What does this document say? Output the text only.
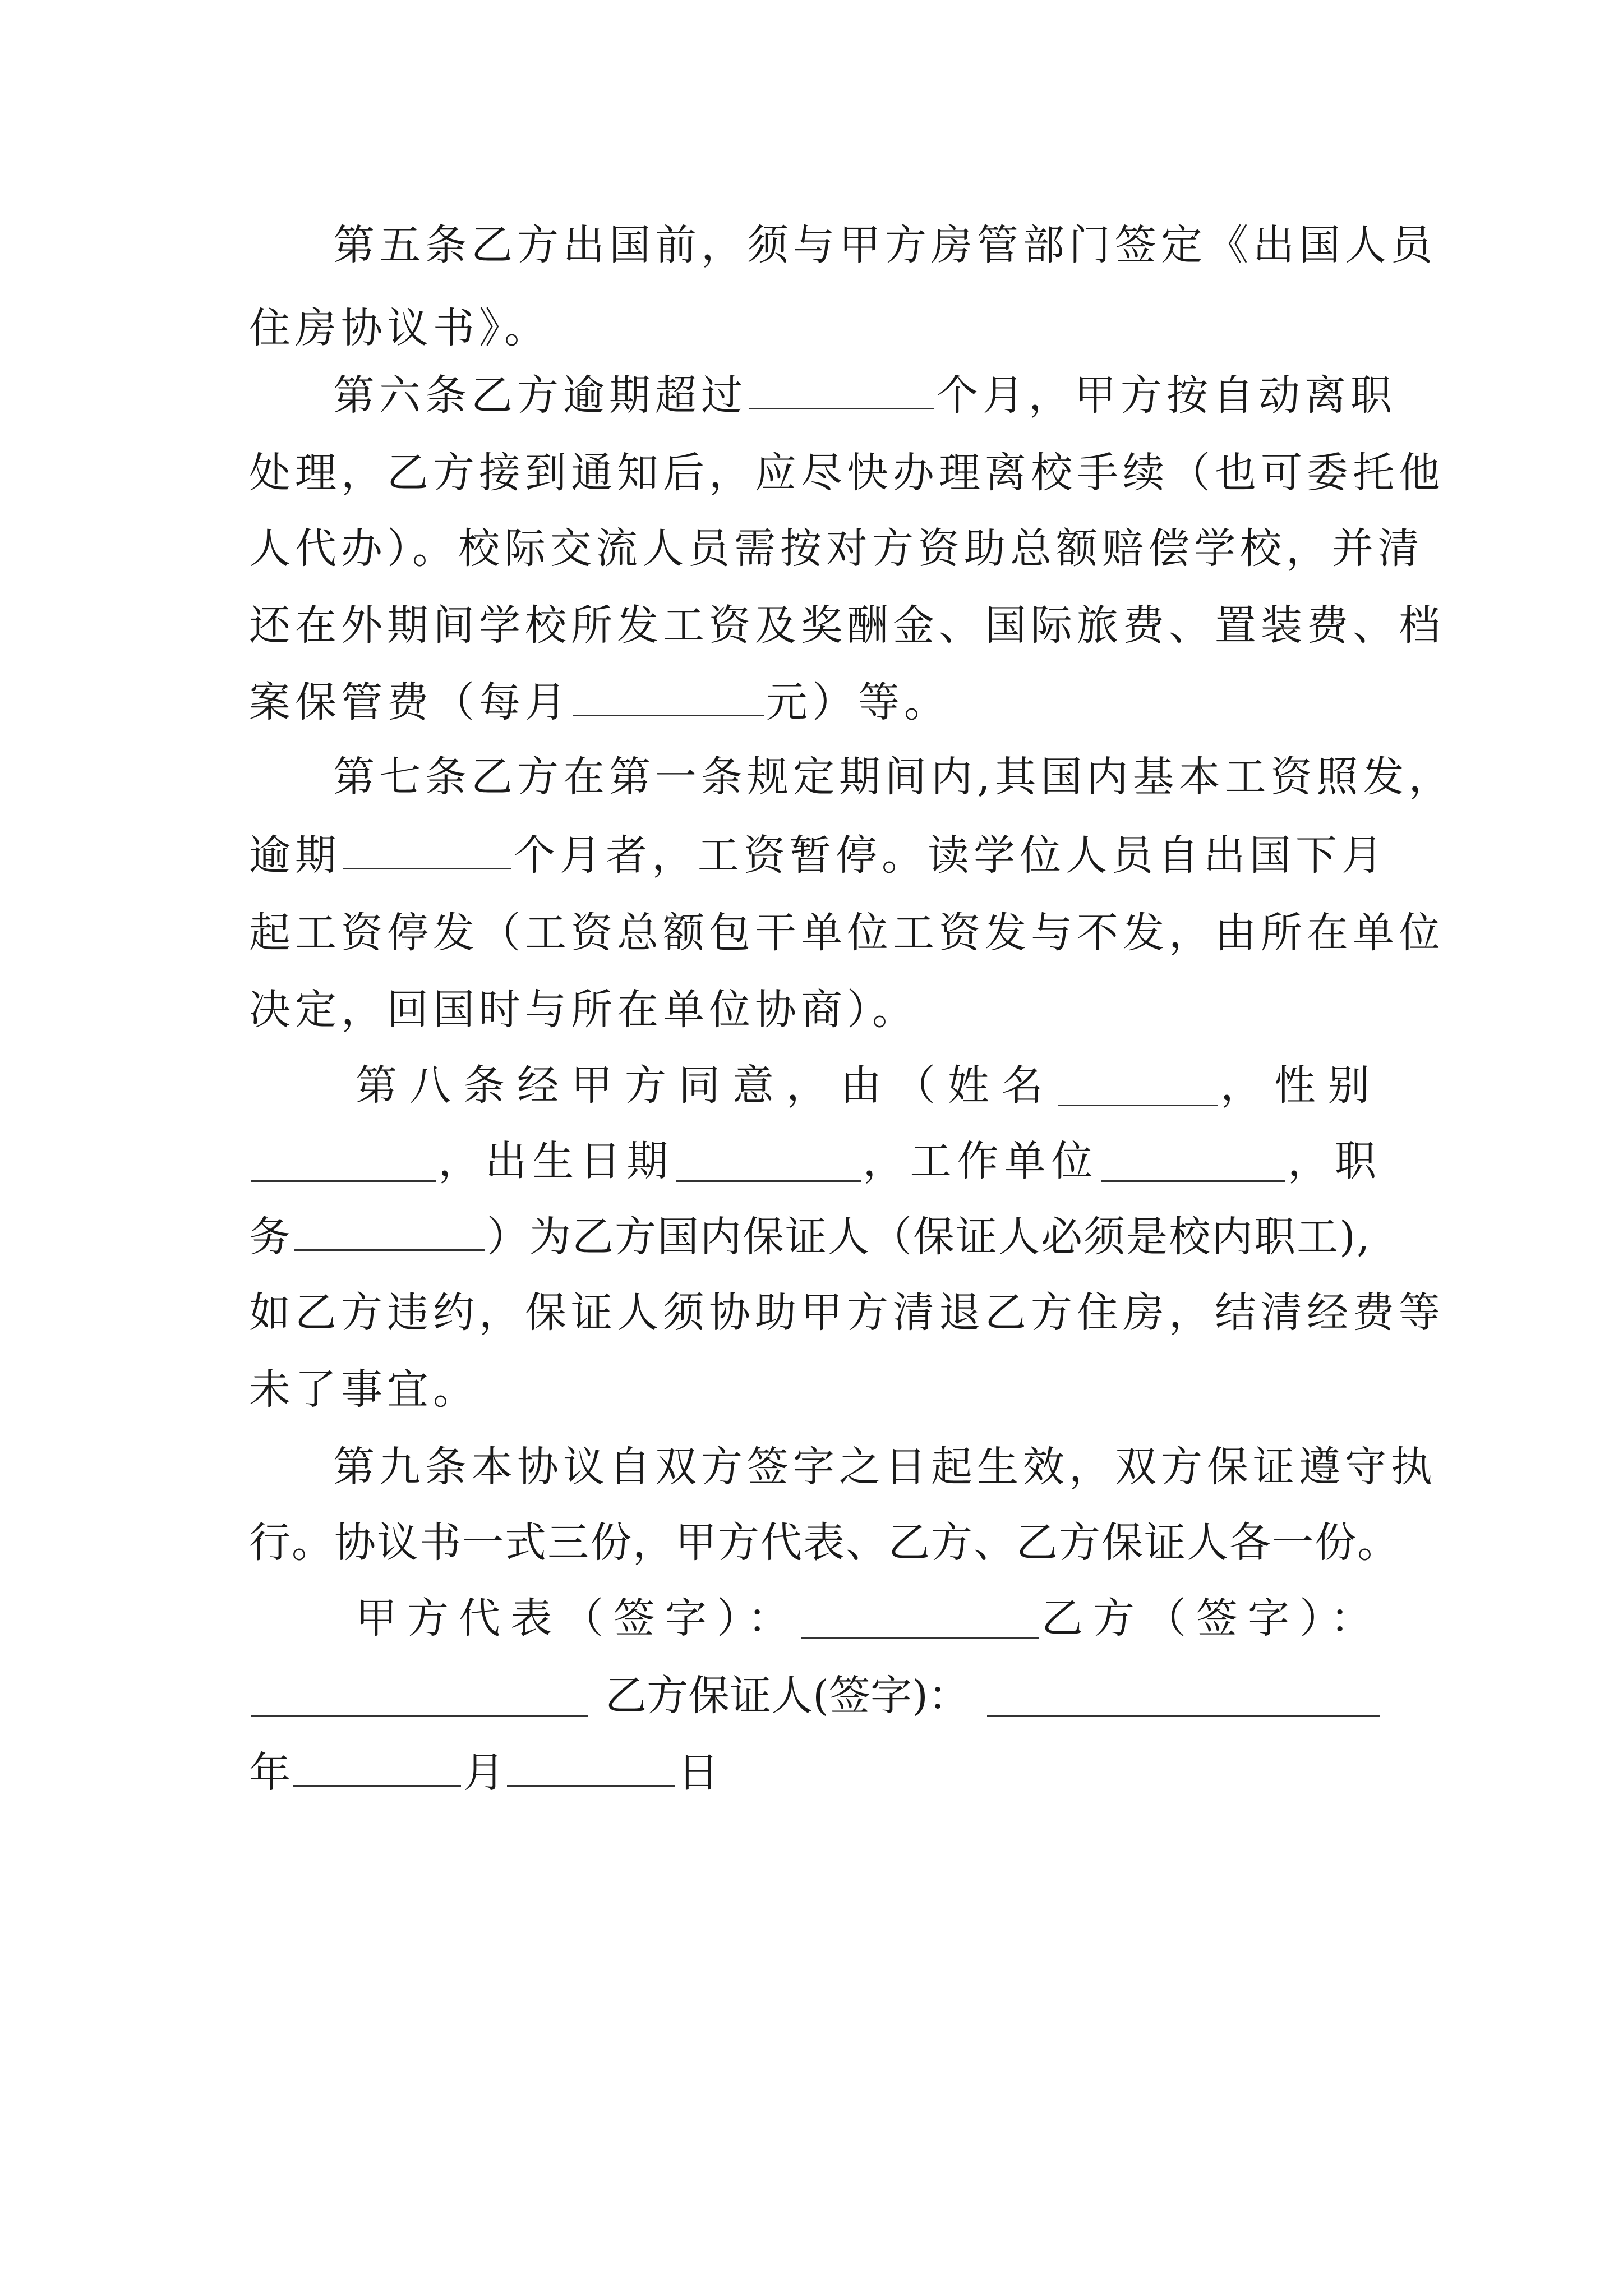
第五条乙方出国前，须与甲方房管部门签定《出国人员
住房协议书》。
第六条乙方逾期超过	个月，甲方按自动离职
处理，乙方接到通知后，应尽快办理离校手续（也可委托他
人代办）。校际交流人员需按对方资助总额赔偿学校，并清
还在外期间学校所发工资及奖酬金、国际旅费、置装费、档
案保管费（每月	元）等。
第七条乙方在第一条规定期间内,其国内基本工资照发，
逾期	个月者，工资暂停。读学位人员自出国下月
起工资停发（工资总额包干单位工资发与不发，由所在单位
决定，回国时与所在单位协商）。
第八条经甲方同意，由（姓名	，性别
，出生日期	，工作单位	，职
务	）为乙方国内保证人（保证人必须是校内职工),
如乙方违约，保证人须协助甲方清退乙方住房，结清经费等
未了事宜。
第九条本协议自双方签字之日起生效，双方保证遵守执
行。协议书一式三份，甲方代表、乙方、乙方保证人各一份。
甲方代表（签字）：	乙方（签字）：
乙方保证人(签字)：
年	月	日
